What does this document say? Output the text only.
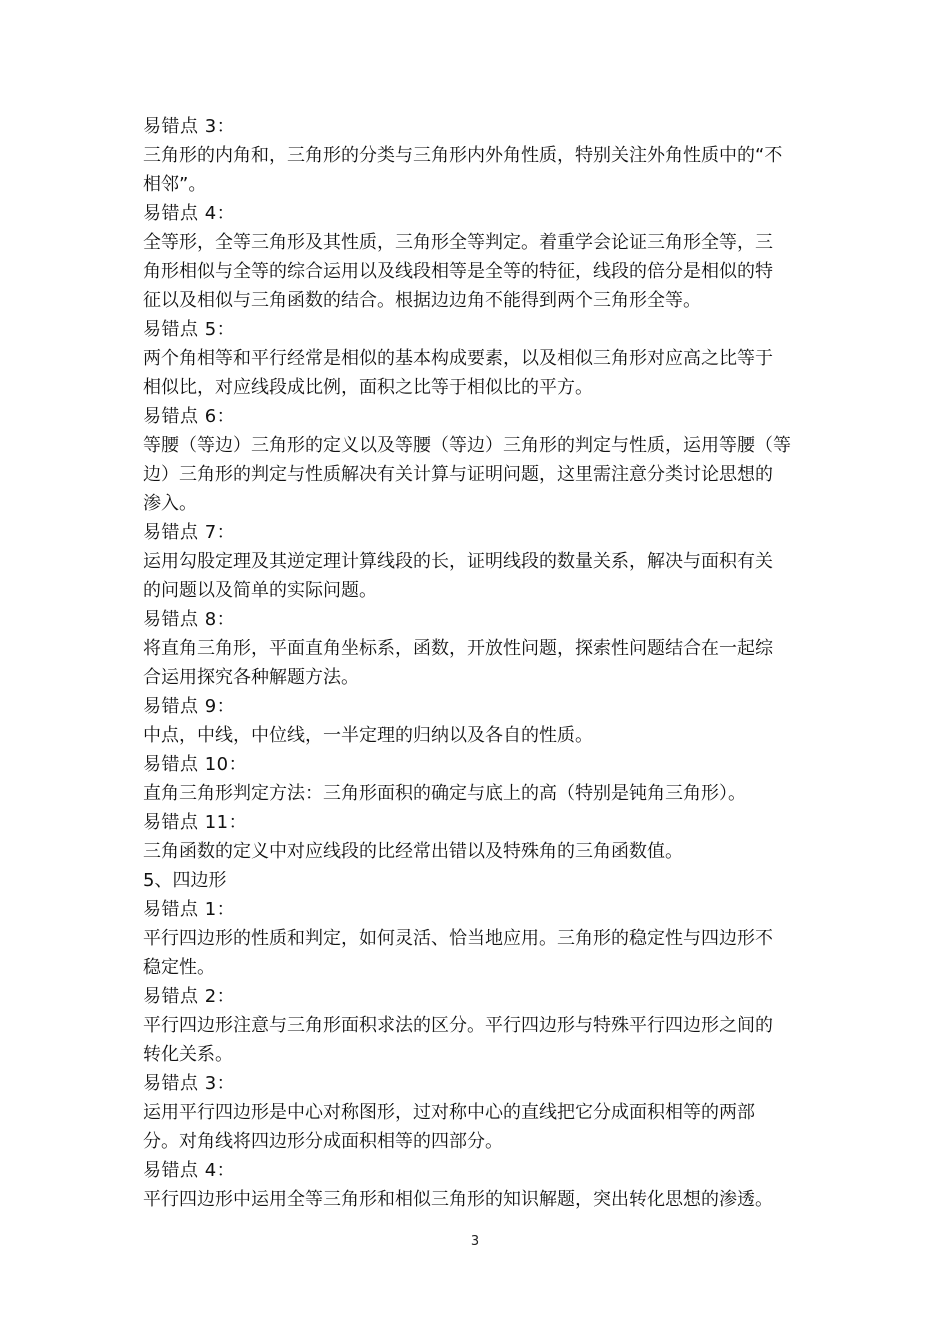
易错点 3：

三角形的内角和，三角形的分类与三角形内外角性质，特别关注外角性质中的“不

相邻”。

易错点 4：

全等形，全等三角形及其性质，三角形全等判定。着重学会论证三角形全等，三

角形相似与全等的综合运用以及线段相等是全等的特征，线段的倍分是相似的特

征以及相似与三角函数的结合。根据边边角不能得到两个三角形全等。

易错点 5：

两个角相等和平行经常是相似的基本构成要素，以及相似三角形对应高之比等于

相似比，对应线段成比例，面积之比等于相似比的平方。

易错点 6：

等腰（等边）三角形的定义以及等腰（等边）三角形的判定与性质，运用等腰（等

边）三角形的判定与性质解决有关计算与证明问题，这里需注意分类讨论思想的

渗入。

易错点 7：

运用勾股定理及其逆定理计算线段的长，证明线段的数量关系，解决与面积有关

的问题以及简单的实际问题。

易错点 8：

将直角三角形，平面直角坐标系，函数，开放性问题，探索性问题结合在一起综

合运用探究各种解题方法。

易错点 9：

中点，中线，中位线，一半定理的归纳以及各自的性质。

易错点 10：

直角三角形判定方法：三角形面积的确定与底上的高（特别是钝角三角形）。

易错点 11：

三角函数的定义中对应线段的比经常出错以及特殊角的三角函数值。

5、四边形

易错点 1：

平行四边形的性质和判定，如何灵活、恰当地应用。三角形的稳定性与四边形不

稳定性。

易错点 2：

平行四边形注意与三角形面积求法的区分。平行四边形与特殊平行四边形之间的

转化关系。

易错点 3：

运用平行四边形是中心对称图形，过对称中心的直线把它分成面积相等的两部

分。对角线将四边形分成面积相等的四部分。

易错点 4：

平行四边形中运用全等三角形和相似三角形的知识解题，突出转化思想的渗透。

3
